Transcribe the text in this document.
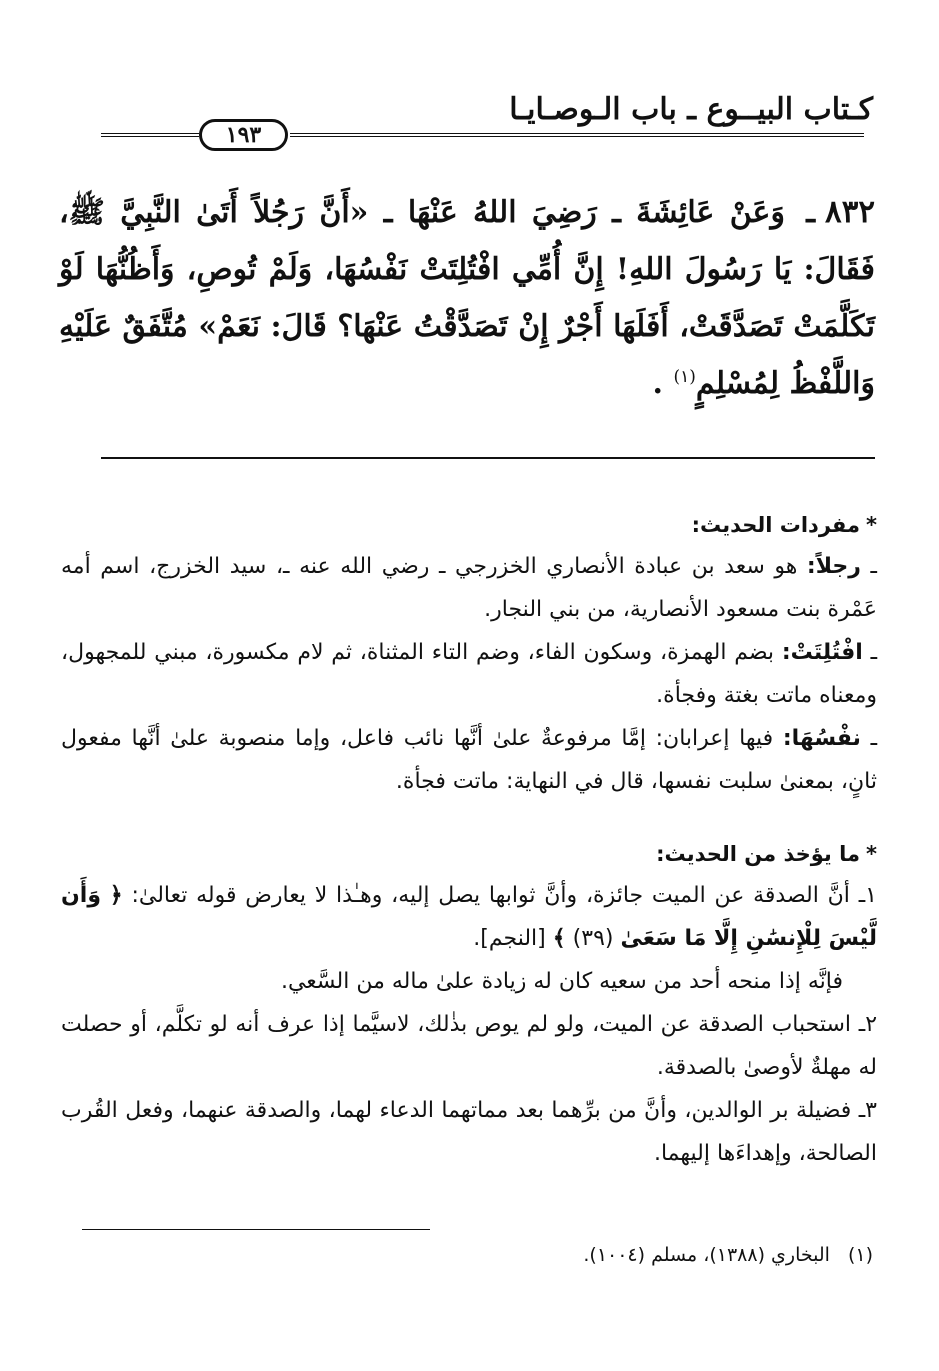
كـتاب البيــوع ـ باب الـوصـايـا
١٩٣
٨٣٢ـ وَعَنْ عَائِشَةَ ـ رَضِيَ اللهُ عَنْهَا ـ «أَنَّ رَجُلاً أَتَىٰ النَّبِيَّ ﷺ، فَقَالَ: يَا رَسُولَ اللهِ! إِنَّ أُمِّي افْتُلِتَتْ نَفْسُهَا، وَلَمْ تُوصِ، وَأَظُنُّهَا لَوْ تَكَلَّمَتْ تَصَدَّقَتْ، أَفَلَهَا أَجْرٌ إِنْ تَصَدَّقْتُ عَنْهَا؟ قَالَ: نَعَمْ» مُتَّفَقٌ عَلَيْهِ وَاللَّفْظُ لِمُسْلِمٍ$^{(١)}$ .
*مفردات الحديث:
ـ رجلاً: هو سعد بن عبادة الأنصاري الخزرجي ـ رضي الله عنه ـ، سيد الخزرج، اسم أمه عَمْرة بنت مسعود الأنصارية، من بني النجار.
ـ افْتُلِتَتْ: بضم الهمزة، وسكون الفاء، وضم التاء المثناة، ثم لام مكسورة، مبني للمجهول، ومعناه ماتت بغتة وفجأة.
ـ نفْسُهَا: فيها إعرابان: إمَّا مرفوعةٌ علىٰ أنَّها نائب فاعل، وإما منصوبة علىٰ أنَّها مفعول ثانٍ، بمعنىٰ سلبت نفسها، قال في النهاية: ماتت فجأة.
*ما يؤخذ من الحديث:
١ـ أنَّ الصدقة عن الميت جائزة، وأنَّ ثوابها يصل إليه، وهـٰذا لا يعارض قوله تعالىٰ: ﴿ وَأَن لَّيْسَ لِلْإِنسَٰنِ إِلَّا مَا سَعَىٰ (٣٩) ﴾ [النجم].
فإنَّه إذا منحه أحد من سعيه كان له زيادة علىٰ ماله من السَّعي.
٢ـ استحباب الصدقة عن الميت، ولو لم يوص بذٰلك، لاسيَّما إذا عرف أنه لو تكلَّم، أو حصلت له مهلةٌ لأوصىٰ بالصدقة.
٣ـ فضيلة بر الوالدين، وأنَّ من برِّهما بعد مماتهما الدعاء لهما، والصدقة عنهما، وفعل القُرب الصالحة، وإهداءَها إليهما.
(١)البخاري (١٣٨٨)، مسلم (١٠٠٤).
